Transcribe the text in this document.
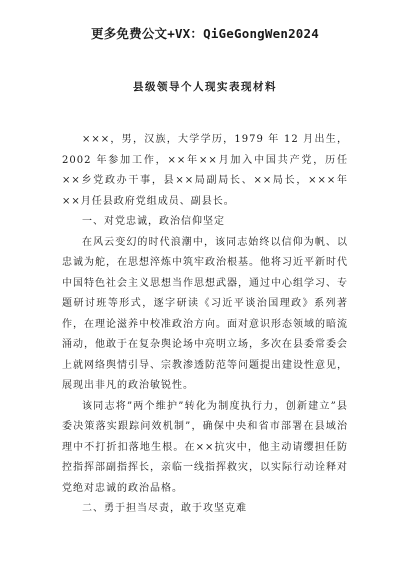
更多免费公文+VX：QiGeGongWen2024

县级领导个人现实表现材料

×××，男，汉族，大学学历，1979 年 12 月出生，2002 年参加工作，××年××月加入中国共产党，历任××乡党政办干事，县××局副局长、××局长，×××年××月任县政府党组成员、副县长。

一、对党忠诚，政治信仰坚定

在风云变幻的时代浪潮中，该同志始终以信仰为帆、以忠诚为舵，在思想淬炼中筑牢政治根基。他将习近平新时代中国特色社会主义思想当作思想武器，通过中心组学习、专题研讨班等形式，逐字研读《习近平谈治国理政》系列著作，在理论滋养中校准政治方向。面对意识形态领域的暗流涌动，他敢于在复杂舆论场中亮明立场，多次在县委常委会上就网络舆情引导、宗教渗透防范等问题提出建设性意见，展现出非凡的政治敏锐性。

该同志将”两个维护”转化为制度执行力，创新建立”县委决策落实跟踪问效机制”，确保中央和省市部署在县域治理中不打折扣落地生根。在××抗灾中，他主动请缨担任防控指挥部副指挥长，亲临一线指挥救灾，以实际行动诠释对党绝对忠诚的政治品格。

二、勇于担当尽责，敢于攻坚克难
